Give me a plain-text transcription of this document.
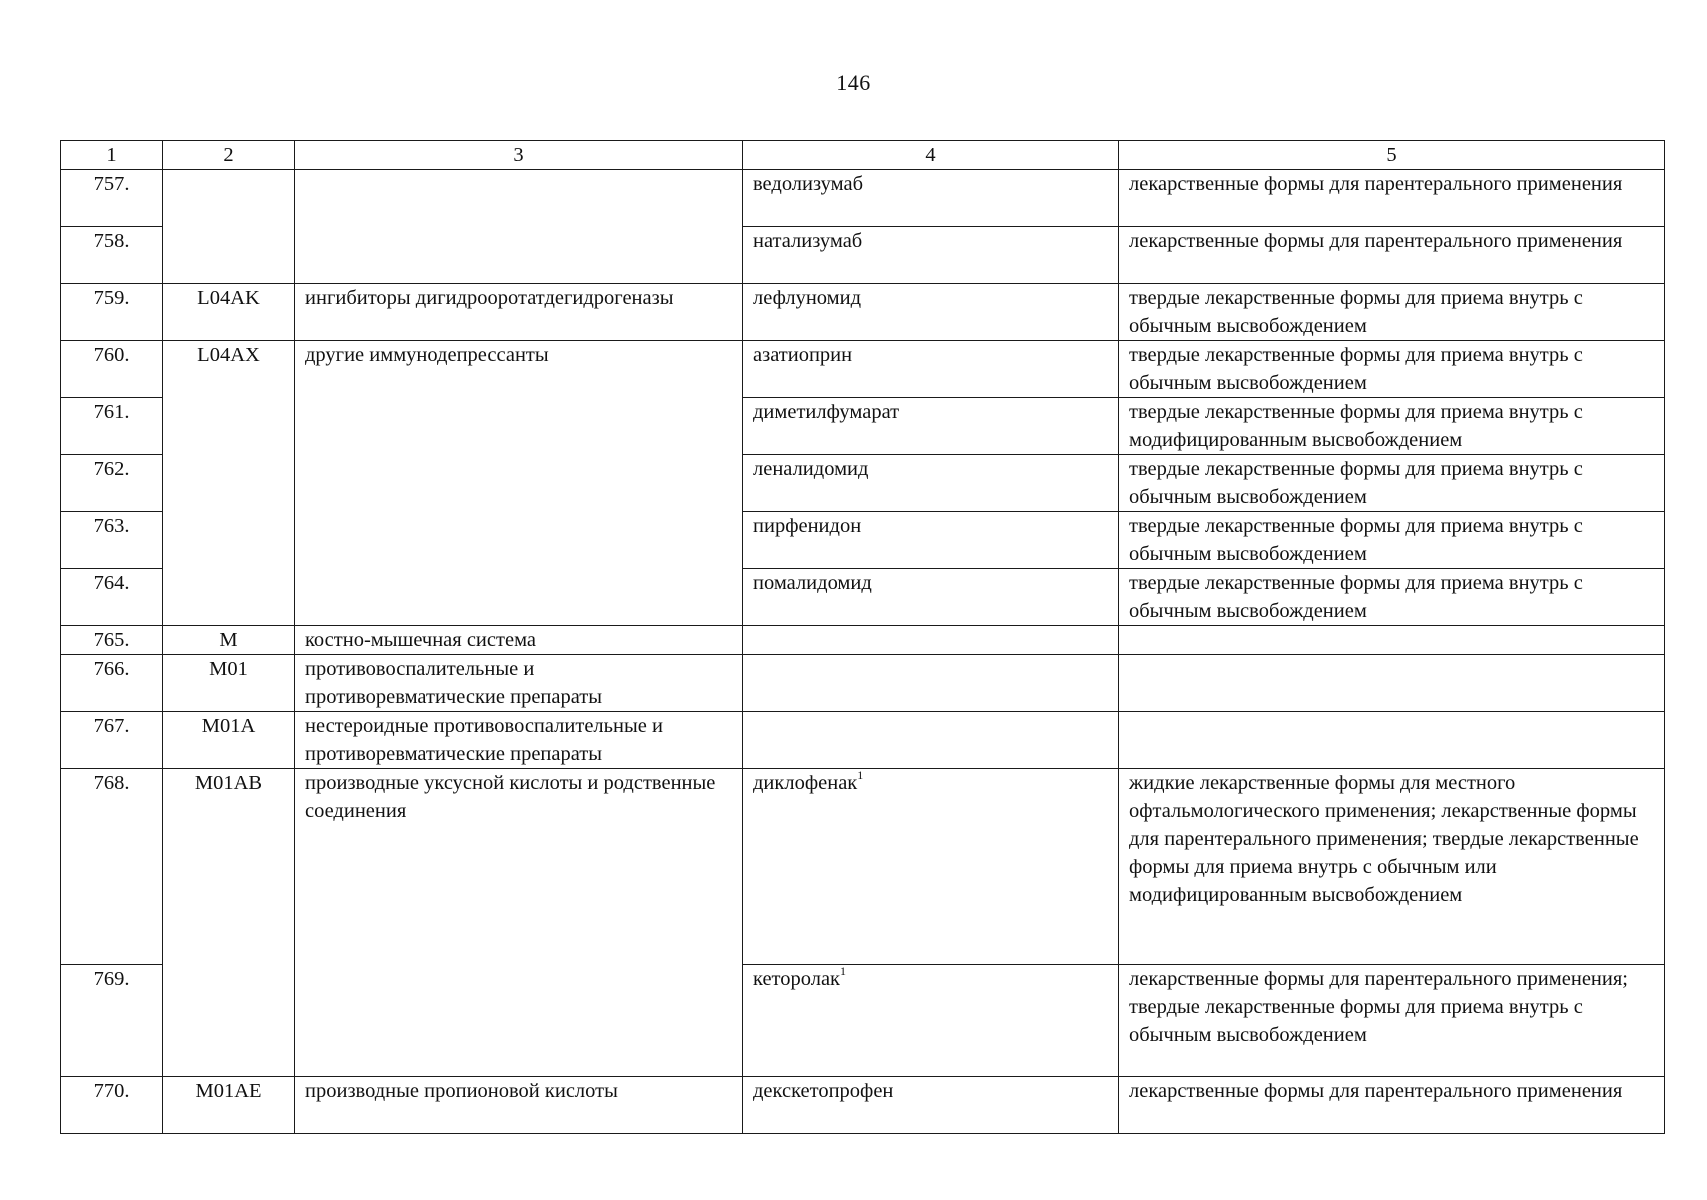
146
1	2	3	4	5
757.			ведолизумаб	лекарственные формы для парентерального применения
758.			натализумаб	лекарственные формы для парентерального применения
759.	L04AK	ингибиторы дигидрооротатдегидрогеназы	лефлуномид	твердые лекарственные формы для приема внутрь с обычным высвобождением
760.	L04AX	другие иммунодепрессанты	азатиоприн	твердые лекарственные формы для приема внутрь с обычным высвобождением
761.			диметилфумарат	твердые лекарственные формы для приема внутрь с модифицированным высвобождением
762.			леналидомид	твердые лекарственные формы для приема внутрь с обычным высвобождением
763.			пирфенидон	твердые лекарственные формы для приема внутрь с обычным высвобождением
764.			помалидомид	твердые лекарственные формы для приема внутрь с обычным высвобождением
765.	M	костно-мышечная система		
766.	M01	противовоспалительные и противоревматические препараты		
767.	M01A	нестероидные противовоспалительные и противоревматические препараты		
768.	M01AB	производные уксусной кислоты и родственные соединения	диклофенак$^1$	жидкие лекарственные формы для местного офтальмологического применения; лекарственные формы для парентерального применения; твердые лекарственные формы для приема внутрь с обычным или модифицированным высвобождением
769.			кеторолак$^1$	лекарственные формы для парентерального применения; твердые лекарственные формы для приема внутрь с обычным высвобождением
770.	M01AE	производные пропионовой кислоты	декскетопрофен	лекарственные формы для парентерального применения
